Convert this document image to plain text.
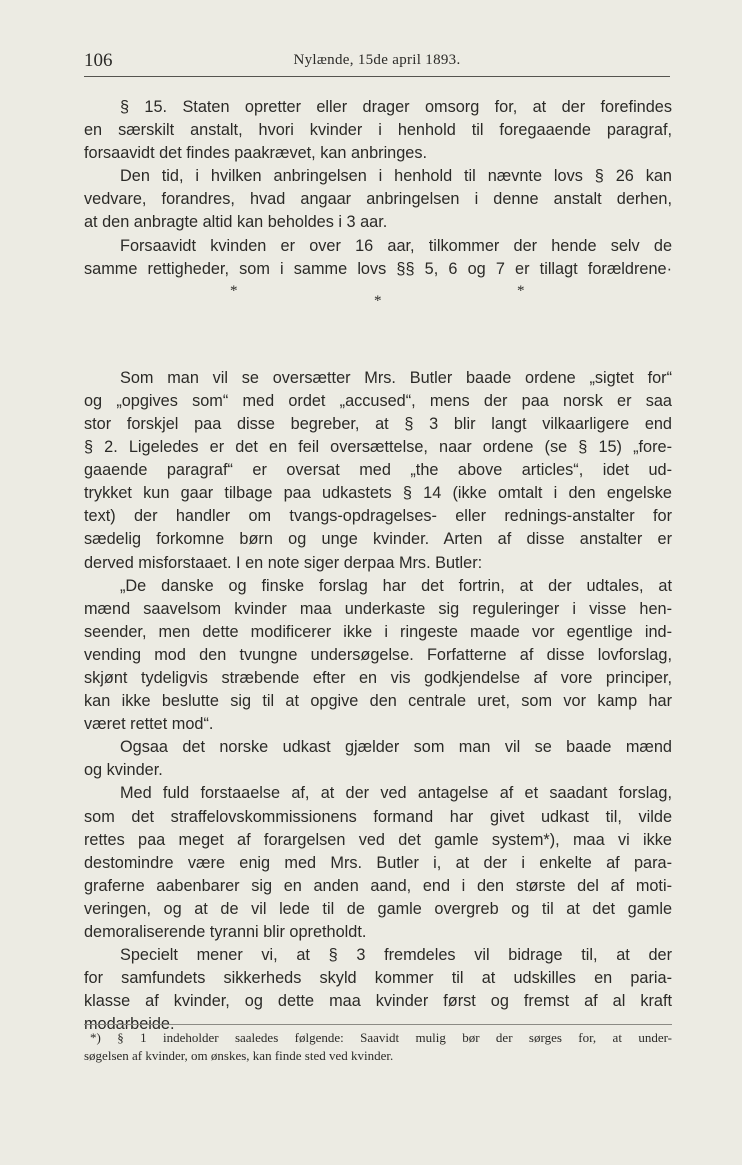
106	Nylænde, 15de april 1893.
§ 15. Staten opretter eller drager omsorg for, at der forefindes
en særskilt anstalt, hvori kvinder i henhold til foregaaende paragraf,
forsaavidt det findes paakrævet, kan anbringes.
Den tid, i hvilken anbringelsen i henhold til nævnte lovs § 26 kan
vedvare, forandres, hvad angaar anbringelsen i denne anstalt derhen,
at den anbragte altid kan beholdes i 3 aar.
Forsaavidt kvinden er over 16 aar, tilkommer der hende selv de
samme rettigheder, som i samme lovs §§ 5, 6 og 7 er tillagt forældrene·
*
*
*
Som man vil se oversætter Mrs. Butler baade ordene „sigtet for“
og „opgives som“ med ordet „accused“, mens der paa norsk er saa
stor forskjel paa disse begreber, at § 3 blir langt vilkaarligere end
§ 2. Ligeledes er det en feil oversættelse, naar ordene (se § 15) „fore-
gaaende paragraf“ er oversat med „the above articles“, idet ud-
trykket kun gaar tilbage paa udkastets § 14 (ikke omtalt i den engelske
text) der handler om tvangs-opdragelses- eller rednings-anstalter for
sædelig forkomne børn og unge kvinder. Arten af disse anstalter er
derved misforstaaet. I en note siger derpaa Mrs. Butler:
„De danske og finske forslag har det fortrin, at der udtales, at
mænd saavelsom kvinder maa underkaste sig reguleringer i visse hen-
seender, men dette modificerer ikke i ringeste maade vor egentlige ind-
vending mod den tvungne undersøgelse. Forfatterne af disse lovforslag,
skjønt tydeligvis stræbende efter en vis godkjendelse af vore principer,
kan ikke beslutte sig til at opgive den centrale uret, som vor kamp har
været rettet mod“.
Ogsaa det norske udkast gjælder som man vil se baade mænd
og kvinder.
Med fuld forstaaelse af, at der ved antagelse af et saadant forslag,
som det straffelovskommissionens formand har givet udkast til, vilde
rettes paa meget af forargelsen ved det gamle system*), maa vi ikke
destomindre være enig med Mrs. Butler i, at der i enkelte af para-
graferne aabenbarer sig en anden aand, end i den største del af moti-
veringen, og at de vil lede til de gamle overgreb og til at det gamle
demoraliserende tyranni blir opretholdt.
Specielt mener vi, at § 3 fremdeles vil bidrage til, at der
for samfundets sikkerheds skyld kommer til at udskilles en paria-
klasse af kvinder, og dette maa kvinder først og fremst af al kraft
modarbeide.
*) § 1 indeholder saaledes følgende: Saavidt mulig bør der sørges for, at under-
søgelsen af kvinder, om ønskes, kan finde sted ved kvinder.
